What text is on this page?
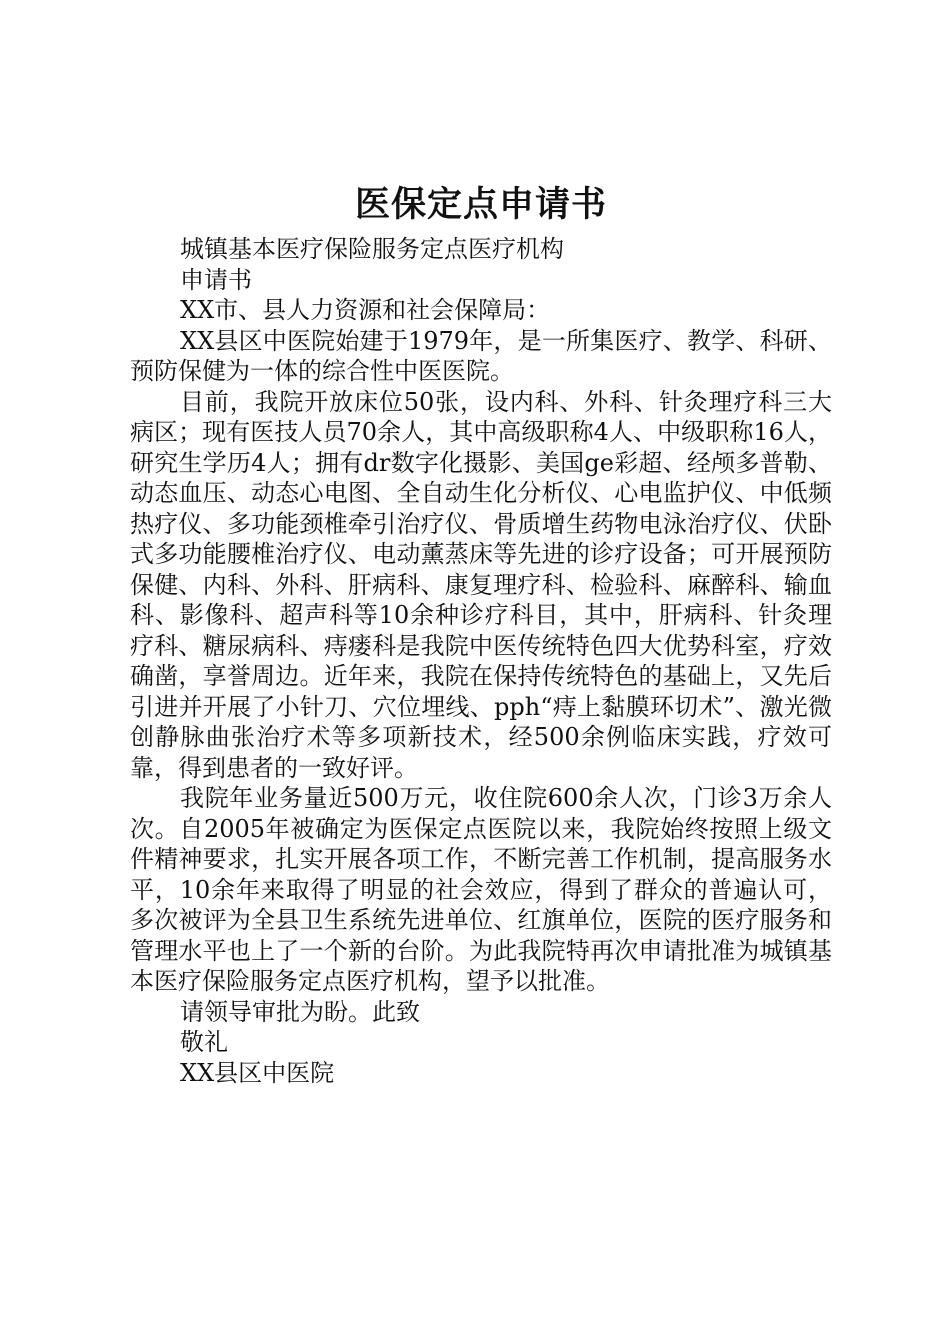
医保定点申请书

城镇基本医疗保险服务定点医疗机构

申请书

XX市、县人力资源和社会保障局：

XX县区中医院始建于1979年，是一所集医疗、教学、科研、预防保健为一体的综合性中医医院。

目前，我院开放床位50张，设内科、外科、针灸理疗科三大病区；现有医技人员70余人，其中高级职称4人、中级职称16人，研究生学历4人；拥有dr数字化摄影、美国ge彩超、经颅多普勒、动态血压、动态心电图、全自动生化分析仪、心电监护仪、中低频热疗仪、多功能颈椎牵引治疗仪、骨质增生药物电泳治疗仪、伏卧式多功能腰椎治疗仪、电动薰蒸床等先进的诊疗设备；可开展预防保健、内科、外科、肝病科、康复理疗科、检验科、麻醉科、输血科、影像科、超声科等10余种诊疗科目，其中，肝病科、针灸理疗科、糖尿病科、痔瘘科是我院中医传统特色四大优势科室，疗效确凿，享誉周边。近年来，我院在保持传统特色的基础上，又先后引进并开展了小针刀、穴位埋线、pph“痔上黏膜环切术”、激光微创静脉曲张治疗术等多项新技术，经500余例临床实践，疗效可靠，得到患者的一致好评。

我院年业务量近500万元，收住院600余人次，门诊3万余人次。自2005年被确定为医保定点医院以来，我院始终按照上级文件精神要求，扎实开展各项工作，不断完善工作机制，提高服务水平，10余年来取得了明显的社会效应，得到了群众的普遍认可，多次被评为全县卫生系统先进单位、红旗单位，医院的医疗服务和管理水平也上了一个新的台阶。为此我院特再次申请批准为城镇基本医疗保险服务定点医疗机构，望予以批准。

请领导审批为盼。此致

敬礼

XX县区中医院
